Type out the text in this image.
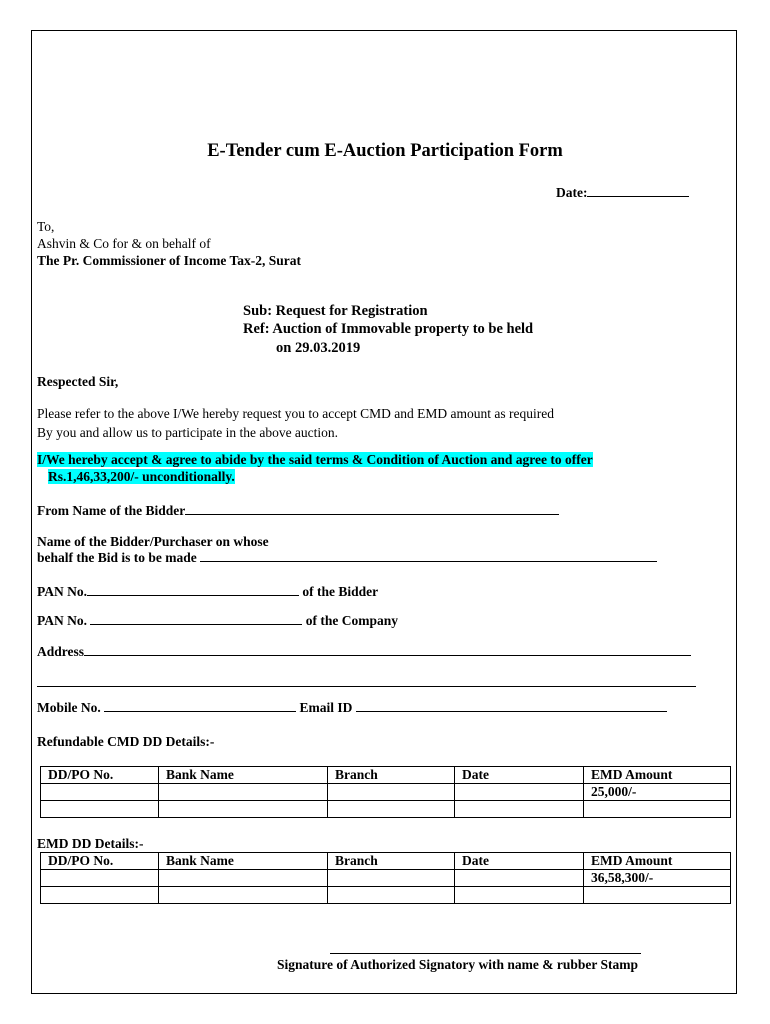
E-Tender cum E-Auction Participation Form
Date:
To,
Ashvin & Co for & on behalf of
The Pr. Commissioner of Income Tax-2, Surat
Sub: Request for Registration
Ref: Auction of Immovable property to be held
on 29.03.2019
Respected Sir,
Please refer to the above I/We hereby request you to accept CMD and EMD amount as required
By you and allow us to participate in the above auction.
I/We hereby accept & agree to abide by the said terms & Condition of Auction and agree to offer
Rs.1,46,33,200/- unconditionally.
From Name of the Bidder
Name of the Bidder/Purchaser on whose
behalf the Bid is to be made
PAN No.	of the Bidder
PAN No.	of the Company
Address
Mobile No.	Email ID
Refundable CMD DD Details:-
DD/PO No.	Bank Name	Branch	Date	EMD Amount
				25,000/-

EMD DD Details:-
DD/PO No.	Bank Name	Branch	Date	EMD Amount
				36,58,300/-

Signature of Authorized Signatory with name & rubber Stamp
